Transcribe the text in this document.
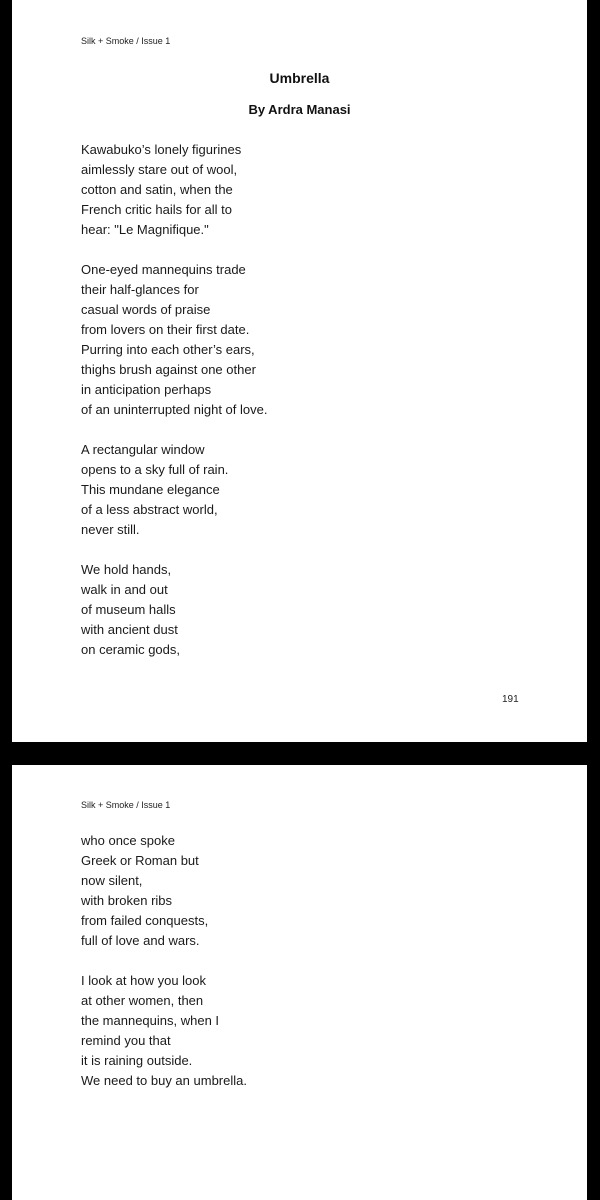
Silk + Smoke / Issue 1
Umbrella
By Ardra Manasi
Kawabuko’s lonely figurines
aimlessly stare out of wool,
cotton and satin, when the
French critic hails for all to
hear: "Le Magnifique."
One-eyed mannequins trade
their half-glances for
casual words of praise
from lovers on their first date.
Purring into each other’s ears,
thighs brush against one other
in anticipation perhaps
of an uninterrupted night of love.
A rectangular window
opens to a sky full of rain.
This mundane elegance
of a less abstract world,
never still.
We hold hands,
walk in and out
of museum halls
with ancient dust
on ceramic gods,
191
Silk + Smoke / Issue 1
who once spoke
Greek or Roman but
now silent,
with broken ribs
from failed conquests,
full of love and wars.
I look at how you look
at other women, then
the mannequins, when I
remind you that
it is raining outside.
We need to buy an umbrella.
